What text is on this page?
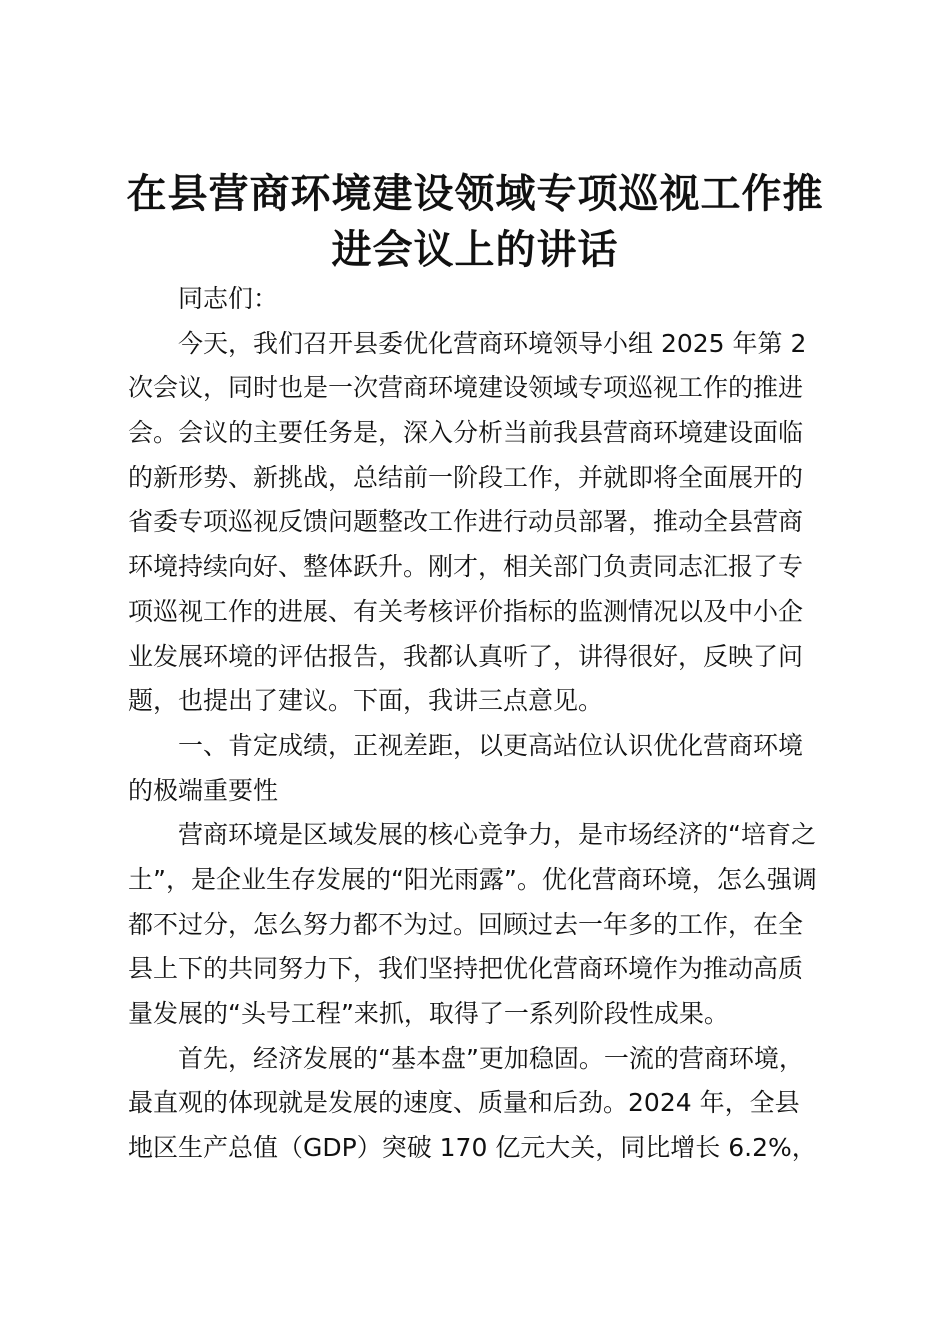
在县营商环境建设领域专项巡视工作推
进会议上的讲话
同志们：
今天，我们召开县委优化营商环境领导小组 2025 年第 2
次会议，同时也是一次营商环境建设领域专项巡视工作的推进
会。会议的主要任务是，深入分析当前我县营商环境建设面临
的新形势、新挑战，总结前一阶段工作，并就即将全面展开的
省委专项巡视反馈问题整改工作进行动员部署，推动全县营商
环境持续向好、整体跃升。刚才，相关部门负责同志汇报了专
项巡视工作的进展、有关考核评价指标的监测情况以及中小企
业发展环境的评估报告，我都认真听了，讲得很好，反映了问
题，也提出了建议。下面，我讲三点意见。
一、肯定成绩，正视差距，以更高站位认识优化营商环境
的极端重要性
营商环境是区域发展的核心竞争力，是市场经济的“培育之
土”，是企业生存发展的“阳光雨露”。优化营商环境，怎么强调
都不过分，怎么努力都不为过。回顾过去一年多的工作，在全
县上下的共同努力下，我们坚持把优化营商环境作为推动高质
量发展的“头号工程”来抓，取得了一系列阶段性成果。
首先，经济发展的“基本盘”更加稳固。一流的营商环境，
最直观的体现就是发展的速度、质量和后劲。2024 年，全县
地区生产总值（GDP）突破 170 亿元大关，同比增长 6.2%，
